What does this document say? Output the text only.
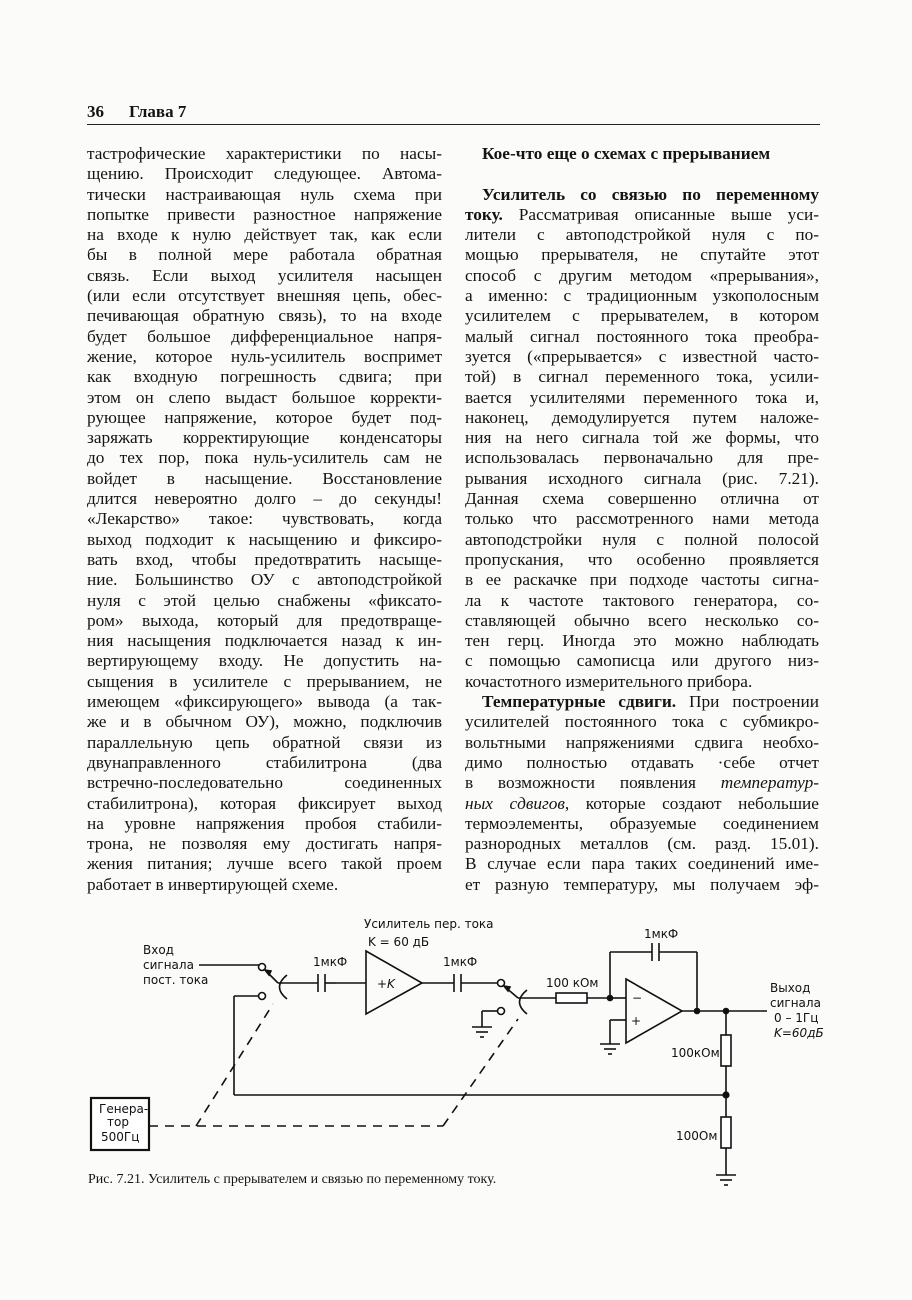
36 Глава 7
тастрофические характеристики по насы-
щению. Происходит следующее. Автома-
тически настраивающая нуль схема при
попытке привести разностное напряжение
на входе к нулю действует так, как если
бы в полной мере работала обратная
связь. Если выход усилителя насыщен
(или если отсутствует внешняя цепь, обес-
печивающая обратную связь), то на входе
будет большое дифференциальное напря-
жение, которое нуль-усилитель воспримет
как входную погрешность сдвига; при
этом он слепо выдаст большое корректи-
рующее напряжение, которое будет под-
заряжать корректирующие конденсаторы
до тех пор, пока нуль-усилитель сам не
войдет в насыщение. Восстановление
длится невероятно долго – до секунды!
«Лекарство» такое: чувствовать, когда
выход подходит к насыщению и фиксиро-
вать вход, чтобы предотвратить насыще-
ние. Большинство ОУ с автоподстройкой
нуля с этой целью снабжены «фиксато-
ром» выхода, который для предотвраще-
ния насыщения подключается назад к ин-
вертирующему входу. Не допустить на-
сыщения в усилителе с прерыванием, не
имеющем «фиксирующего» вывода (а так-
же и в обычном ОУ), можно, подключив
параллельную цепь обратной связи из
двунаправленного стабилитрона (два
встречно-последовательно соединенных
стабилитрона), которая фиксирует выход
на уровне напряжения пробоя стабили-
трона, не позволяя ему достигать напря-
жения питания; лучше всего такой проем
работает в инвертирующей схеме.
Кое-что еще о схемах с прерыванием
Усилитель со связью по переменному
току. Рассматривая описанные выше уси-
лители с автоподстройкой нуля с по-
мощью прерывателя, не спутайте этот
способ с другим методом «прерывания»,
а именно: с традиционным узкополосным
усилителем с прерывателем, в котором
малый сигнал постоянного тока преобра-
зуется («прерывается» с известной часто-
той) в сигнал переменного тока, усили-
вается усилителями переменного тока и,
наконец, демодулируется путем наложе-
ния на него сигнала той же формы, что
использовалась первоначально для пре-
рывания исходного сигнала (рис. 7.21).
Данная схема совершенно отлична от
только что рассмотренного нами метода
автоподстройки нуля с полной полосой
пропускания, что особенно проявляется
в ее раскачке при подходе частоты сигна-
ла к частоте тактового генератора, со-
ставляющей обычно всего несколько со-
тен герц. Иногда это можно наблюдать
с помощью самописца или другого низ-
кочастотного измерительного прибора.
Температурные сдвиги. При построении
усилителей постоянного тока с субмикро-
вольтными напряжениями сдвига необхо-
димо полностью отдавать ·себе отчет
в возможности появления температур-
ных сдвигов, которые создают небольшие
термоэлементы, образуемые соединением
разнородных металлов (см. разд. 15.01).
В случае если пара таких соединений име-
ет разную температуру, мы получаем эф-
Вход
сигнала
пост. тока
1мкФ
+K
Усилитель пер. тока
K = 60 дБ
1мкФ
100 кОм
−
+
1мкФ
Выход
сигнала
0 – 1Гц
K=60дБ
100кОм
100Ом
Генера-
тор
500Гц
Рис. 7.21. Усилитель с прерывателем и связью по переменному току.
